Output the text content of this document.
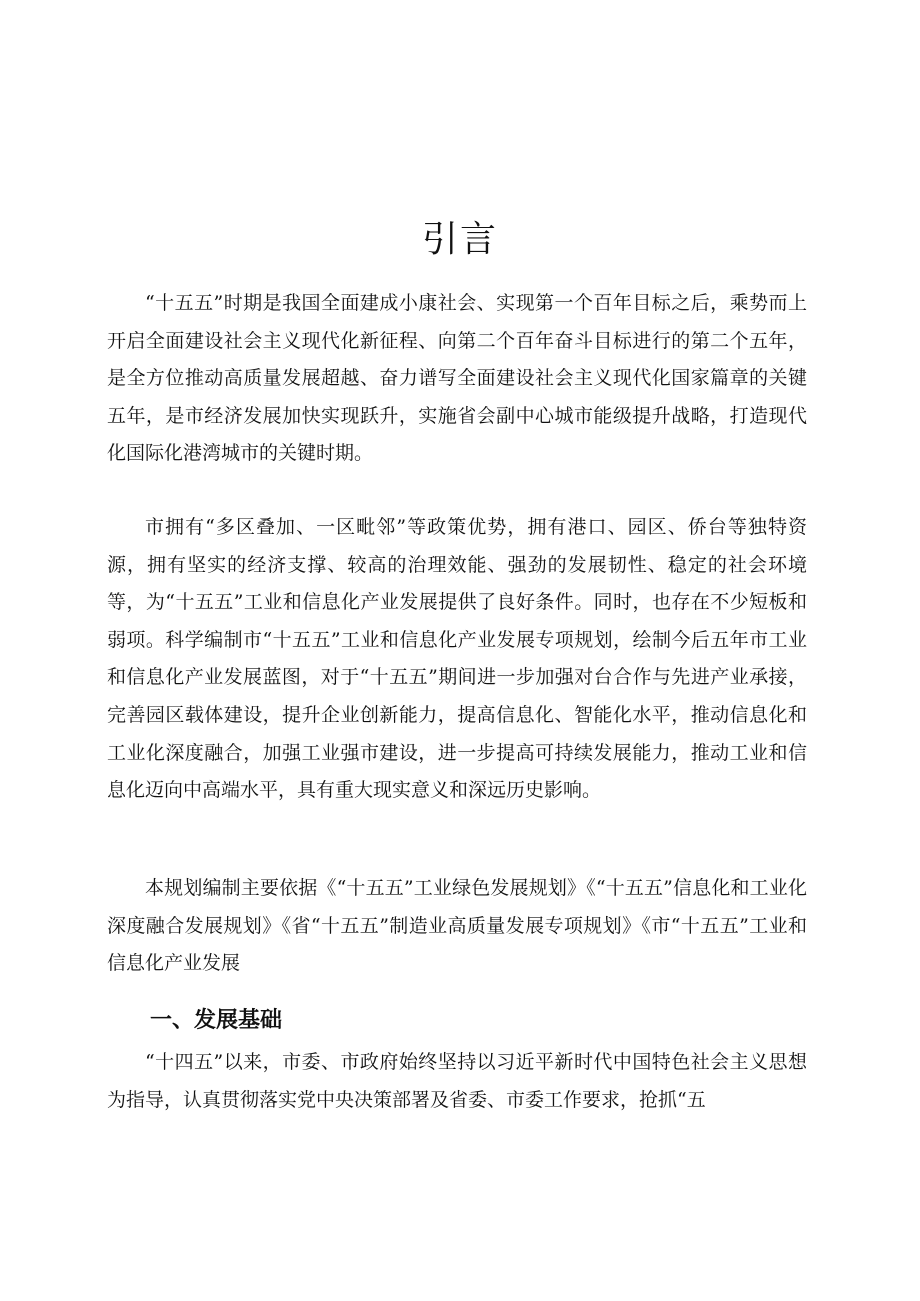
引言

“十五五”时期是我国全面建成小康社会、实现第一个百年目标之后，乘势而上开启全面建设社会主义现代化新征程、向第二个百年奋斗目标进行的第二个五年，是全方位推动高质量发展超越、奋力谱写全面建设社会主义现代化国家篇章的关键五年，是市经济发展加快实现跃升，实施省会副中心城市能级提升战略，打造现代化国际化港湾城市的关键时期。

市拥有“多区叠加、一区毗邻”等政策优势，拥有港口、园区、侨台等独特资源，拥有坚实的经济支撑、较高的治理效能、强劲的发展韧性、稳定的社会环境等，为“十五五”工业和信息化产业发展提供了良好条件。同时，也存在不少短板和弱项。科学编制市“十五五”工业和信息化产业发展专项规划，绘制今后五年市工业和信息化产业发展蓝图，对于“十五五”期间进一步加强对台合作与先进产业承接，完善园区载体建设，提升企业创新能力，提高信息化、智能化水平，推动信息化和工业化深度融合，加强工业强市建设，进一步提高可持续发展能力，推动工业和信息化迈向中高端水平，具有重大现实意义和深远历史影响。

本规划编制主要依据《“十五五”工业绿色发展规划》《“十五五”信息化和工业化深度融合发展规划》《省“十五五”制造业高质量发展专项规划》《市“十五五”工业和信息化产业发展

一、发展基础

“十四五”以来，市委、市政府始终坚持以习近平新时代中国特色社会主义思想为指导，认真贯彻落实党中央决策部署及省委、市委工作要求，抢抓“五
